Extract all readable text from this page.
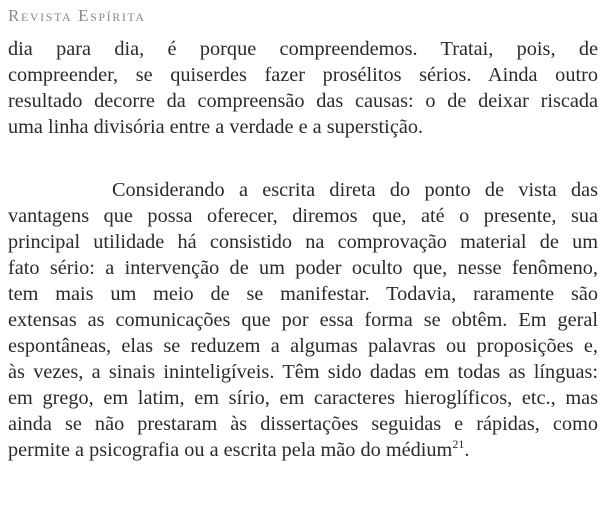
Revista Espírita
dia para dia, é porque compreendemos. Tratai, pois, de
compreender, se quiserdes fazer prosélitos sérios. Ainda outro
resultado decorre da compreensão das causas: o de deixar riscada
uma linha divisória entre a verdade e a superstição.
Considerando a escrita direta do ponto de vista das
vantagens que possa oferecer, diremos que, até o presente, sua
principal utilidade há consistido na comprovação material de um
fato sério: a intervenção de um poder oculto que, nesse fenômeno,
tem mais um meio de se manifestar. Todavia, raramente são
extensas as comunicações que por essa forma se obtêm. Em geral
espontâneas, elas se reduzem a algumas palavras ou proposições e,
às vezes, a sinais ininteligíveis. Têm sido dadas em todas as línguas:
em grego, em latim, em sírio, em caracteres hieroglíficos, etc., mas
ainda se não prestaram às dissertações seguidas e rápidas, como
permite a psicografia ou a escrita pela mão do médium$^{21}$.
